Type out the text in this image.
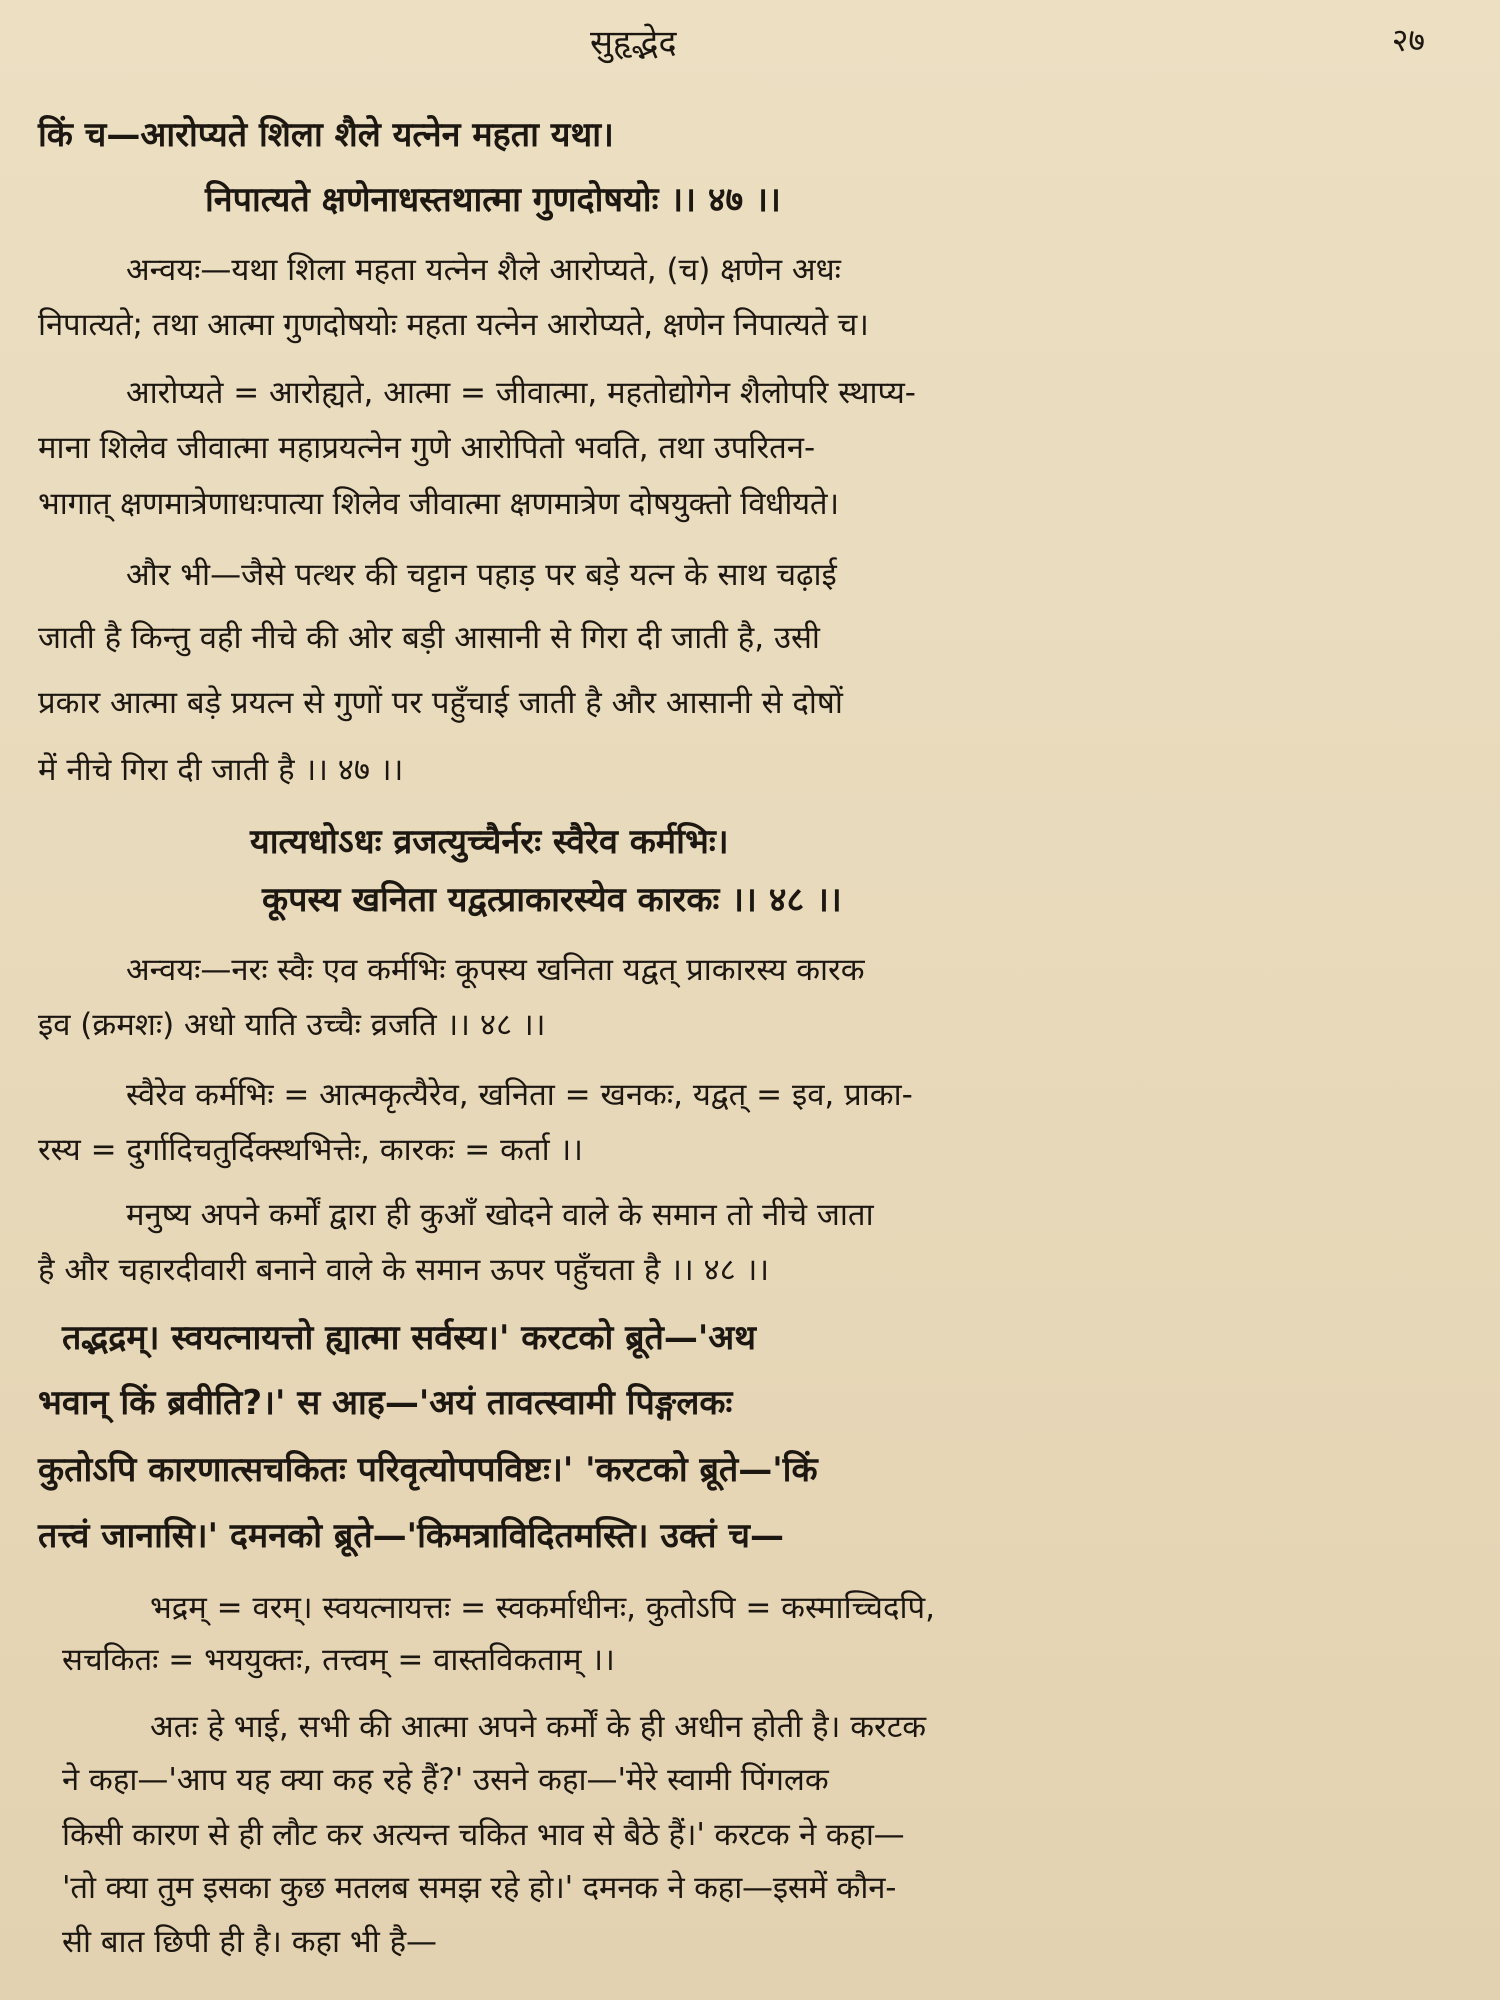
सुहृद्भेद	२७
किं च—आरोप्यते शिला शैले यत्नेन महता यथा।
निपात्यते क्षणेनाधस्तथात्मा गुणदोषयोः ।। ४७ ।।
अन्वयः—यथा शिला महता यत्नेन शैले आरोप्यते, (च) क्षणेन अधः
निपात्यते; तथा आत्मा गुणदोषयोः महता यत्नेन आरोप्यते, क्षणेन निपात्यते च।
आरोप्यते = आरोह्यते, आत्मा = जीवात्मा, महतोद्योगेन शैलोपरि स्थाप्य-
माना शिलेव जीवात्मा महाप्रयत्नेन गुणे आरोपितो भवति, तथा उपरितन-
भागात् क्षणमात्रेणाधःपात्या शिलेव जीवात्मा क्षणमात्रेण दोषयुक्तो विधीयते।
और भी—जैसे पत्थर की चट्टान पहाड़ पर बड़े यत्न के साथ चढ़ाई
जाती है किन्तु वही नीचे की ओर बड़ी आसानी से गिरा दी जाती है, उसी
प्रकार आत्मा बड़े प्रयत्न से गुणों पर पहुँचाई जाती है और आसानी से दोषों
में नीचे गिरा दी जाती है ।। ४७ ।।
यात्यधोऽधः व्रजत्युच्चैर्नरः स्वैरेव कर्मभिः।
कूपस्य खनिता यद्वत्प्राकारस्येव कारकः ।। ४८ ।।
अन्वयः—नरः स्वैः एव कर्मभिः कूपस्य खनिता यद्वत् प्राकारस्य कारक
इव (क्रमशः) अधो याति उच्चैः व्रजति ।। ४८ ।।
स्वैरेव कर्मभिः = आत्मकृत्यैरेव, खनिता = खनकः, यद्वत् = इव, प्राका-
रस्य = दुर्गादिचतुर्दिक्स्थभित्तेः, कारकः = कर्ता ।।
मनुष्य अपने कर्मों द्वारा ही कुआँ खोदने वाले के समान तो नीचे जाता
है और चहारदीवारी बनाने वाले के समान ऊपर पहुँचता है ।। ४८ ।।
तद्भद्रम्। स्वयत्नायत्तो ह्यात्मा सर्वस्य।' करटको ब्रूते—'अथ
भवान् किं ब्रवीति?।' स आह—'अयं तावत्स्वामी पिङ्गलकः
कुतोऽपि कारणात्सचकितः परिवृत्योपपविष्टः।' 'करटको ब्रूते—'किं
तत्त्वं जानासि।' दमनको ब्रूते—'किमत्राविदितमस्ति। उक्तं च—
भद्रम् = वरम्। स्वयत्नायत्तः = स्वकर्माधीनः, कुतोऽपि = कस्माच्चिदपि,
सचकितः = भययुक्तः, तत्त्वम् = वास्तविकताम् ।।
अतः हे भाई, सभी की आत्मा अपने कर्मों के ही अधीन होती है। करटक
ने कहा—'आप यह क्या कह रहे हैं?' उसने कहा—'मेरे स्वामी पिंगलक
किसी कारण से ही लौट कर अत्यन्त चकित भाव से बैठे हैं।' करटक ने कहा—
'तो क्या तुम इसका कुछ मतलब समझ रहे हो।' दमनक ने कहा—इसमें कौन-
सी बात छिपी ही है। कहा भी है—
